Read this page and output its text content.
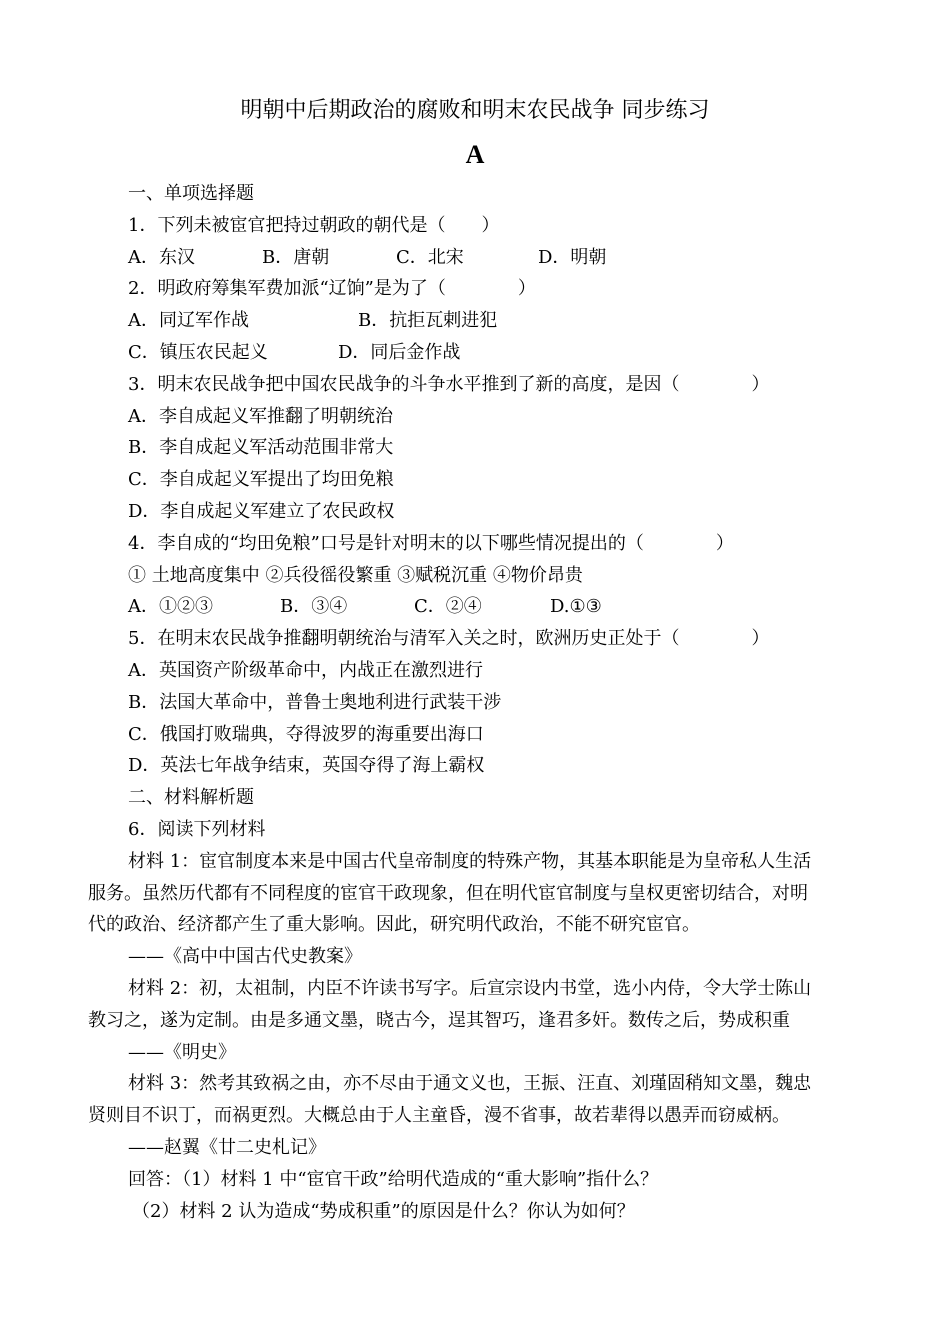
明朝中后期政治的腐败和明末农民战争 同步练习
A
一、单项选择题
1．下列未被宦官把持过朝政的朝代是（　　）
A．东汉	B．唐朝	C．北宋	D．明朝
2．明政府筹集军费加派“辽饷”是为了（　　　　）
A．同辽军作战	B．抗拒瓦剌进犯
C．镇压农民起义	D．同后金作战
3．明末农民战争把中国农民战争的斗争水平推到了新的高度，是因（　　　　）
A．李自成起义军推翻了明朝统治
B．李自成起义军活动范围非常大
C．李自成起义军提出了均田免粮
D．李自成起义军建立了农民政权
4．李自成的“均田免粮”口号是针对明末的以下哪些情况提出的（　　　　）
① 土地高度集中 ②兵役徭役繁重 ③赋税沉重 ④物价昂贵
A．①②③	B．③④	C．②④	D.①③
5．在明末农民战争推翻明朝统治与清军入关之时，欧洲历史正处于（　　　　）
A．英国资产阶级革命中，内战正在激烈进行
B．法国大革命中，普鲁士奥地利进行武装干涉
C．俄国打败瑞典，夺得波罗的海重要出海口
D．英法七年战争结束，英国夺得了海上霸权
二、材料解析题
6．阅读下列材料
材料 1：宦官制度本来是中国古代皇帝制度的特殊产物，其基本职能是为皇帝私人生活
服务。虽然历代都有不同程度的宦官干政现象，但在明代宦官制度与皇权更密切结合，对明
代的政治、经济都产生了重大影响。因此，研究明代政治，不能不研究宦官。
——《高中中国古代史教案》
材料 2：初，太祖制，内臣不许读书写字。后宣宗设内书堂，选小内侍，令大学士陈山
教习之，遂为定制。由是多通文墨，晓古今，逞其智巧，逢君多奸。数传之后，势成积重
——《明史》
材料 3：然考其致祸之由，亦不尽由于通文义也，王振、汪直、刘瑾固稍知文墨，魏忠
贤则目不识丁，而祸更烈。大概总由于人主童昏，漫不省事，故若辈得以愚弄而窃威柄。
——赵翼《廿二史札记》
回答：（1）材料 1 中“宦官干政”给明代造成的“重大影响”指什么？
（2）材料 2 认为造成“势成积重”的原因是什么？你认为如何？
